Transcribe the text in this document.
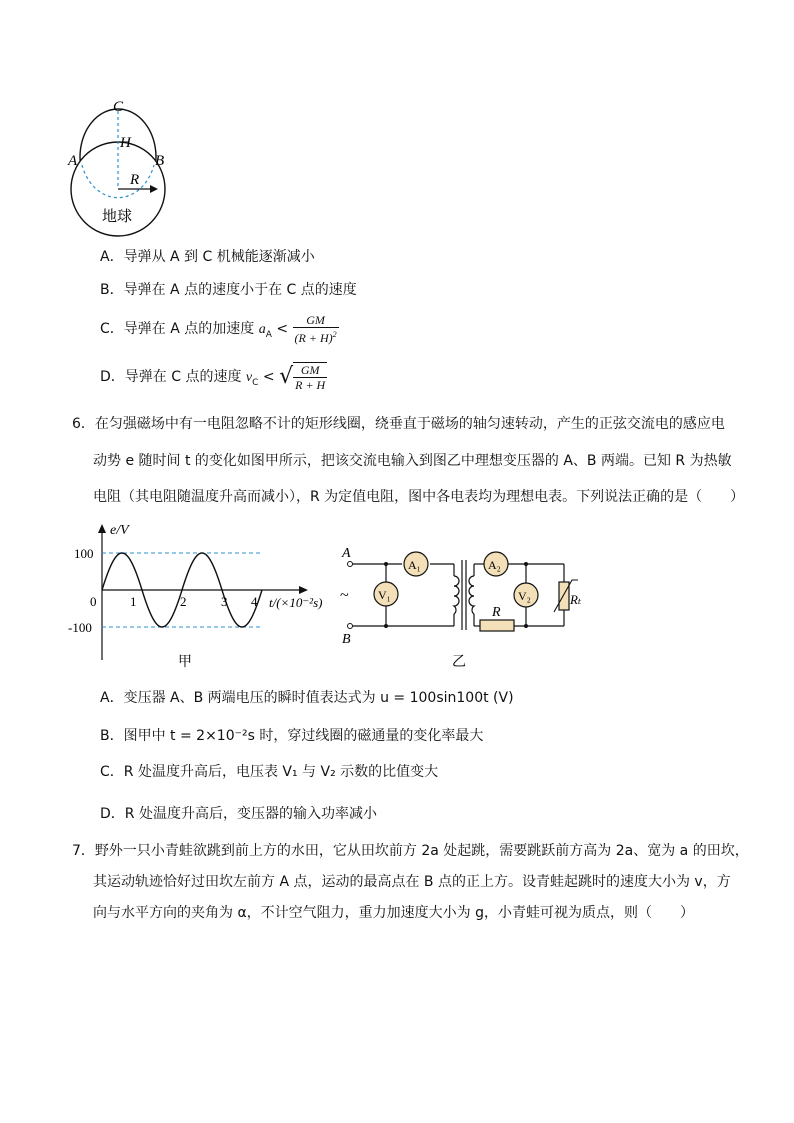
C
H
A	B
R
地球
A．导弹从 A 到 C 机械能逐渐减小
B．导弹在 A 点的速度小于在 C 点的速度
C．导弹在 A 点的加速度 $a_A < \frac{GM}{(R + H)^2}$
D．导弹在 C 点的速度 $v_C$ < √ $\frac{GM}{R + H}$
6．在匀强磁场中有一电阻忽略不计的矩形线圈，绕垂直于磁场的轴匀速转动，产生的正弦交流电的感应电
动势 e 随时间 t 的变化如图甲所示，把该交流电输入到图乙中理想变压器的 A、B 两端。已知 R 为热敏
电阻（其电阻随温度升高而减小），R 为定值电阻，图中各电表均为理想电表。下列说法正确的是（　　）
e/V
100
-100
0	1	2	3 4 t/(×10⁻²s)
甲
A
B
~
A₁
V₁
A₂
V₂
R
Rₜ
乙
A．变压器 A、B 两端电压的瞬时值表达式为 u = 100sin100t (V)
B．图甲中 t = 2×10⁻²s 时，穿过线圈的磁通量的变化率最大
C．R 处温度升高后，电压表 V₁ 与 V₂ 示数的比值变大
D．R 处温度升高后，变压器的输入功率减小
7．野外一只小青蛙欲跳到前上方的水田，它从田坎前方 2a 处起跳，需要跳跃前方高为 2a、宽为 a 的田坎，
其运动轨迹恰好过田坎左前方 A 点，运动的最高点在 B 点的正上方。设青蛙起跳时的速度大小为 v，方
向与水平方向的夹角为 α，不计空气阻力，重力加速度大小为 g，小青蛙可视为质点，则（　　）
